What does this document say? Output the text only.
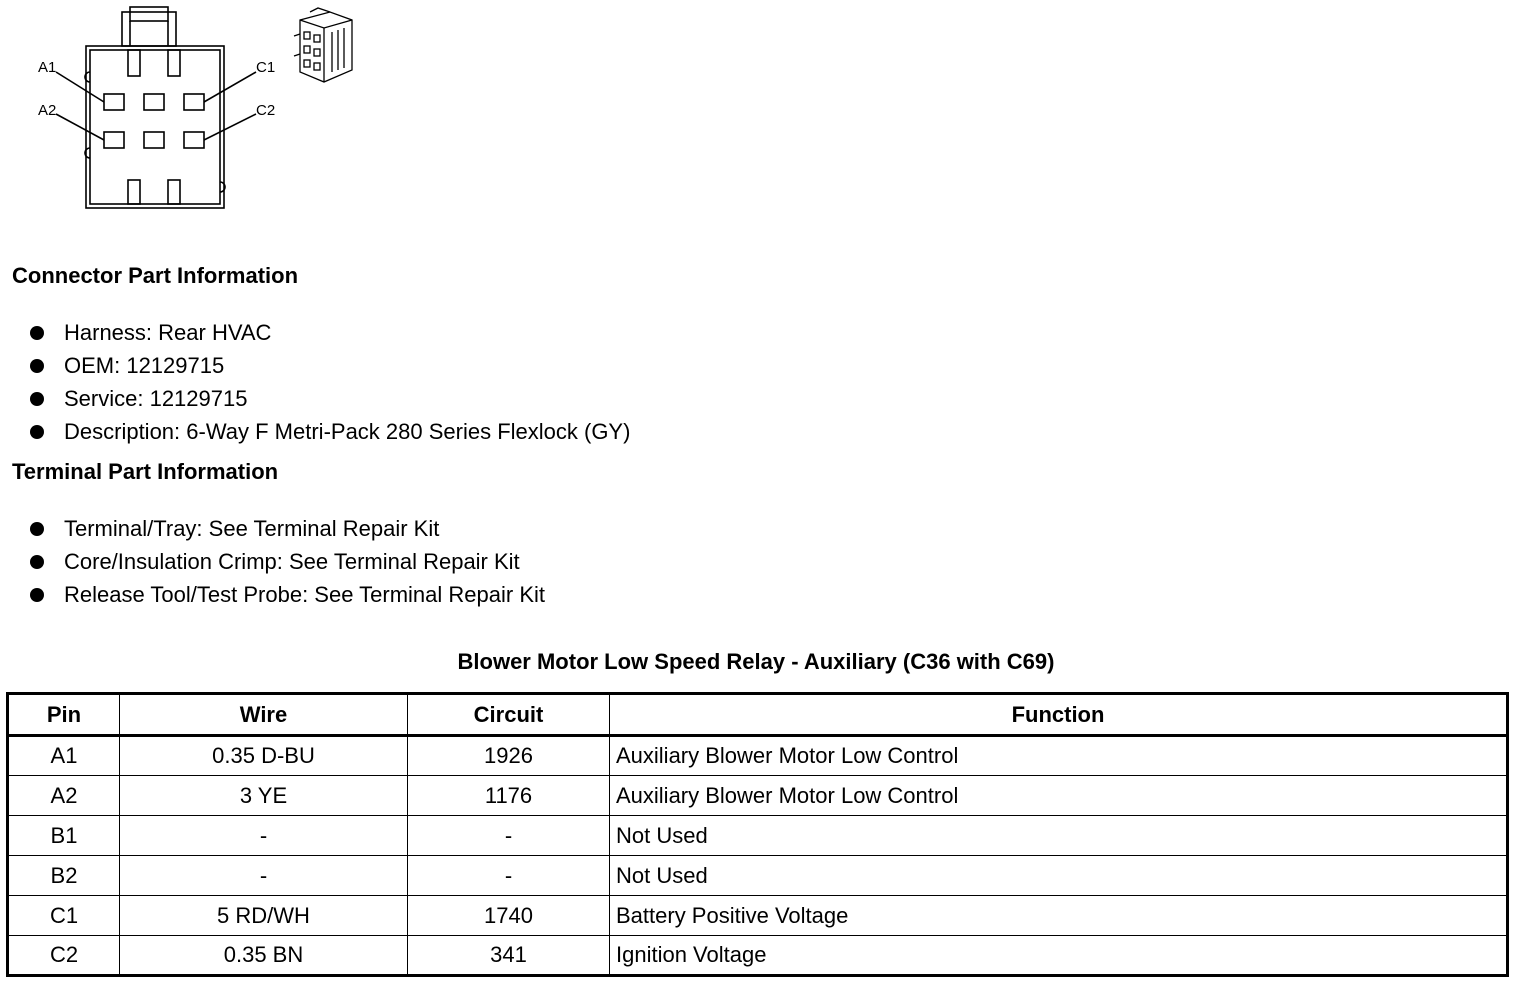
A1
A2
C1
C2
Connector Part Information
Harness: Rear HVAC
OEM: 12129715
Service: 12129715
Description: 6-Way F Metri-Pack 280 Series Flexlock (GY)
Terminal Part Information
Terminal/Tray: See Terminal Repair Kit
Core/Insulation Crimp: See Terminal Repair Kit
Release Tool/Test Probe: See Terminal Repair Kit
Blower Motor Low Speed Relay - Auxiliary (C36 with C69)
Pin	Wire	Circuit	Function
A1	0.35 D-BU	1926	Auxiliary Blower Motor Low Control
A2	3 YE	1176	Auxiliary Blower Motor Low Control
B1	-	-	Not Used
B2	-	-	Not Used
C1	5 RD/WH	1740	Battery Positive Voltage
C2	0.35 BN	341	Ignition Voltage
